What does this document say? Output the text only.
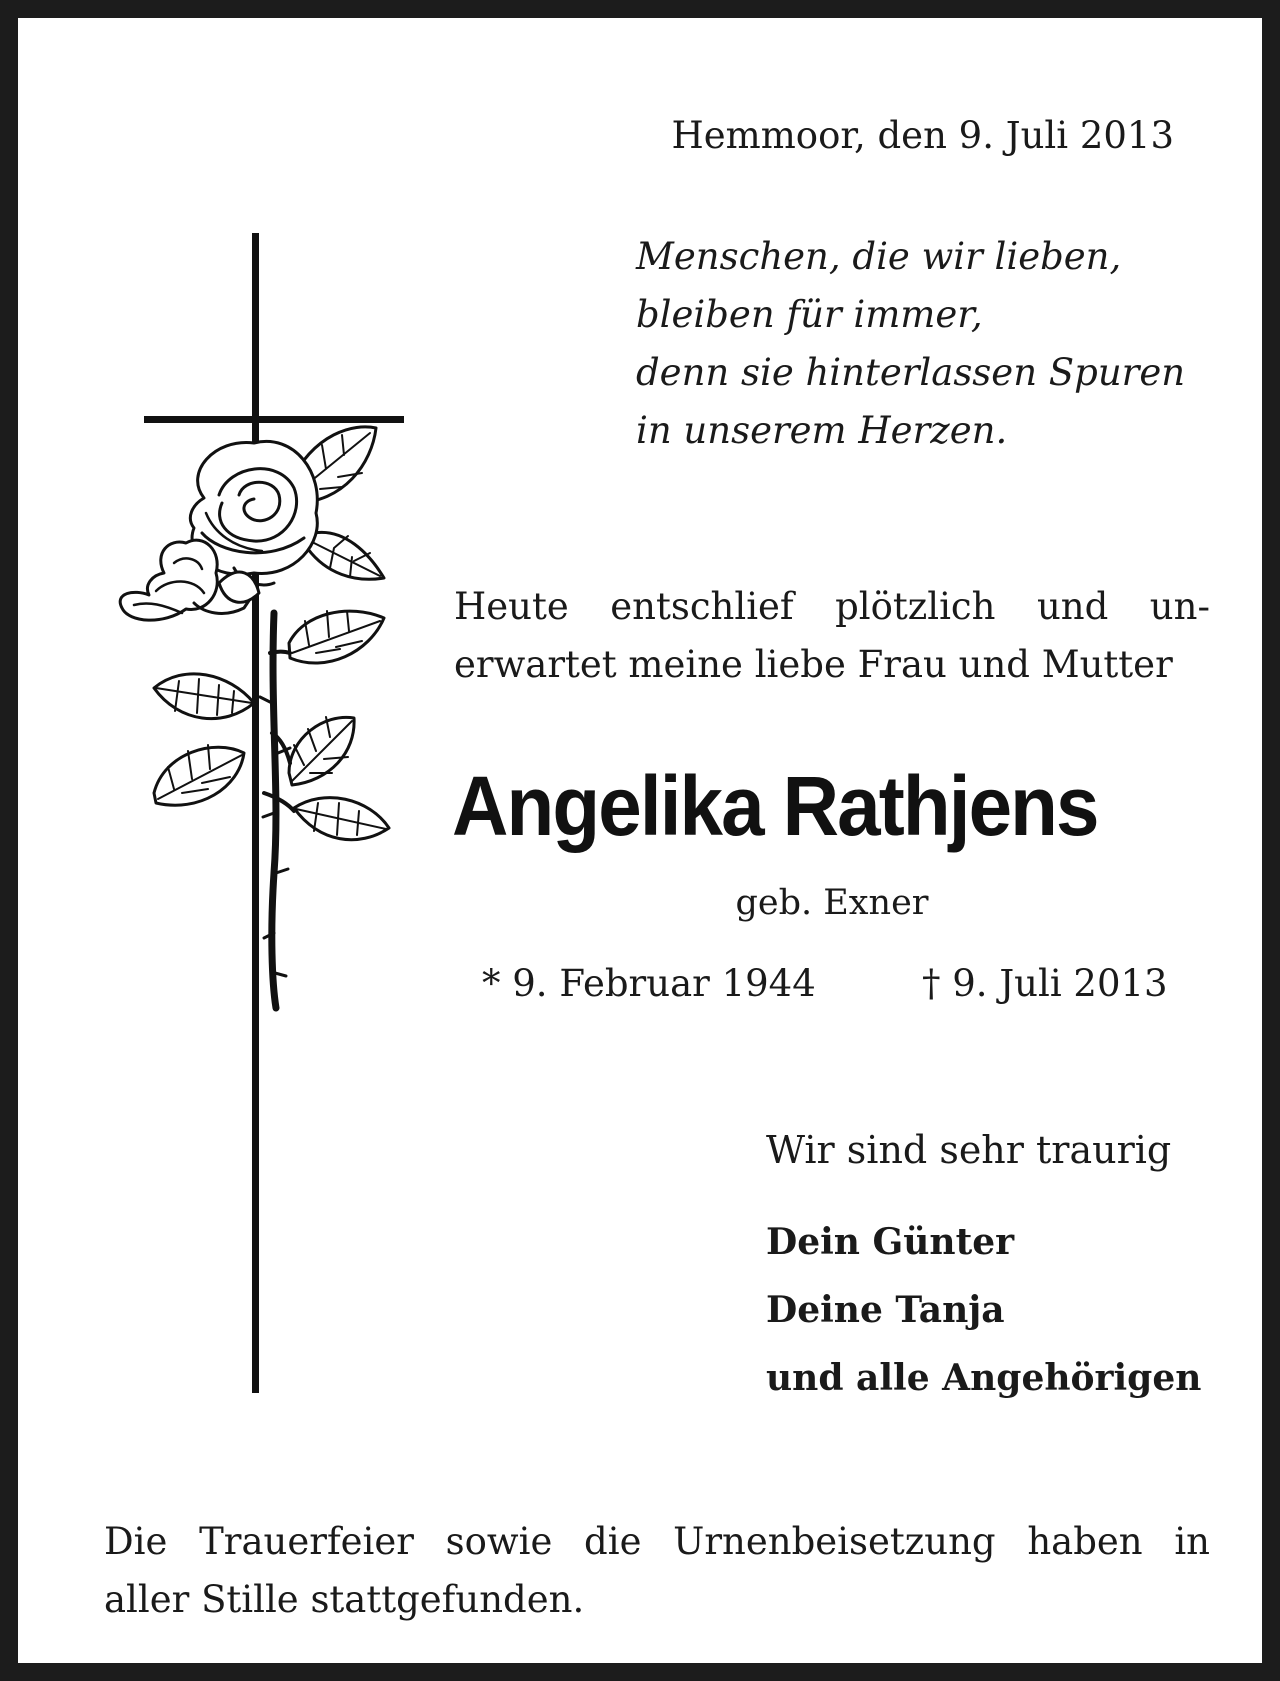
Hemmoor, den 9. Juli 2013
Menschen, die wir lieben,
bleiben für immer,
denn sie hinterlassen Spuren
in unserem Herzen.
Heute entschlief plötzlich und un-
erwartet meine liebe Frau und Mutter
Angelika Rathjens
geb. Exner
* 9. Februar 1944	† 9. Juli 2013
Wir sind sehr traurig
Dein Günter
Deine Tanja
und alle Angehörigen
Die Trauerfeier sowie die Urnenbeisetzung haben in
aller Stille stattgefunden.
